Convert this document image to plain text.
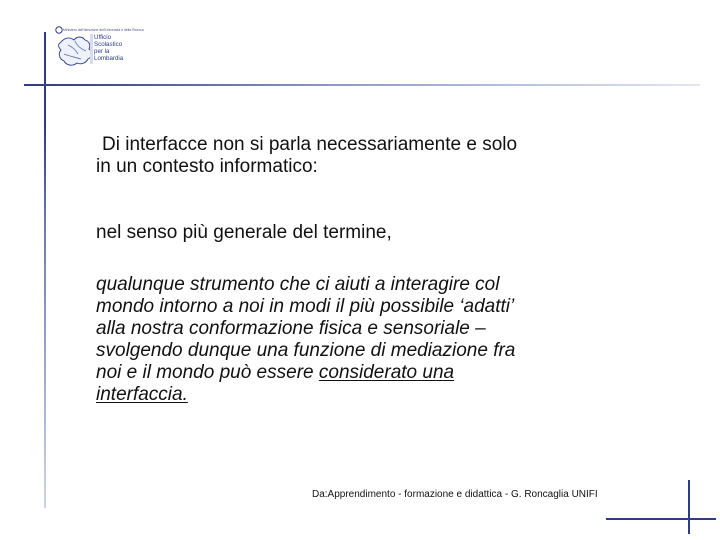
Ministero dell'Istruzione dell'Università e della Ricerca
Ufficio
Scolastico
per la
Lombardia

Di interfacce non si parla necessariamente e solo
in un contesto informatico:

nel senso più generale del termine,

qualunque strumento che ci aiuti a interagire col
mondo intorno a noi in modi il più possibile ‘adatti’
alla nostra conformazione fisica e sensoriale –
svolgendo dunque una funzione di mediazione fra
noi e il mondo può essere considerato una
interfaccia.

Da:Apprendimento - formazione e didattica - G. Roncaglia UNIFI
